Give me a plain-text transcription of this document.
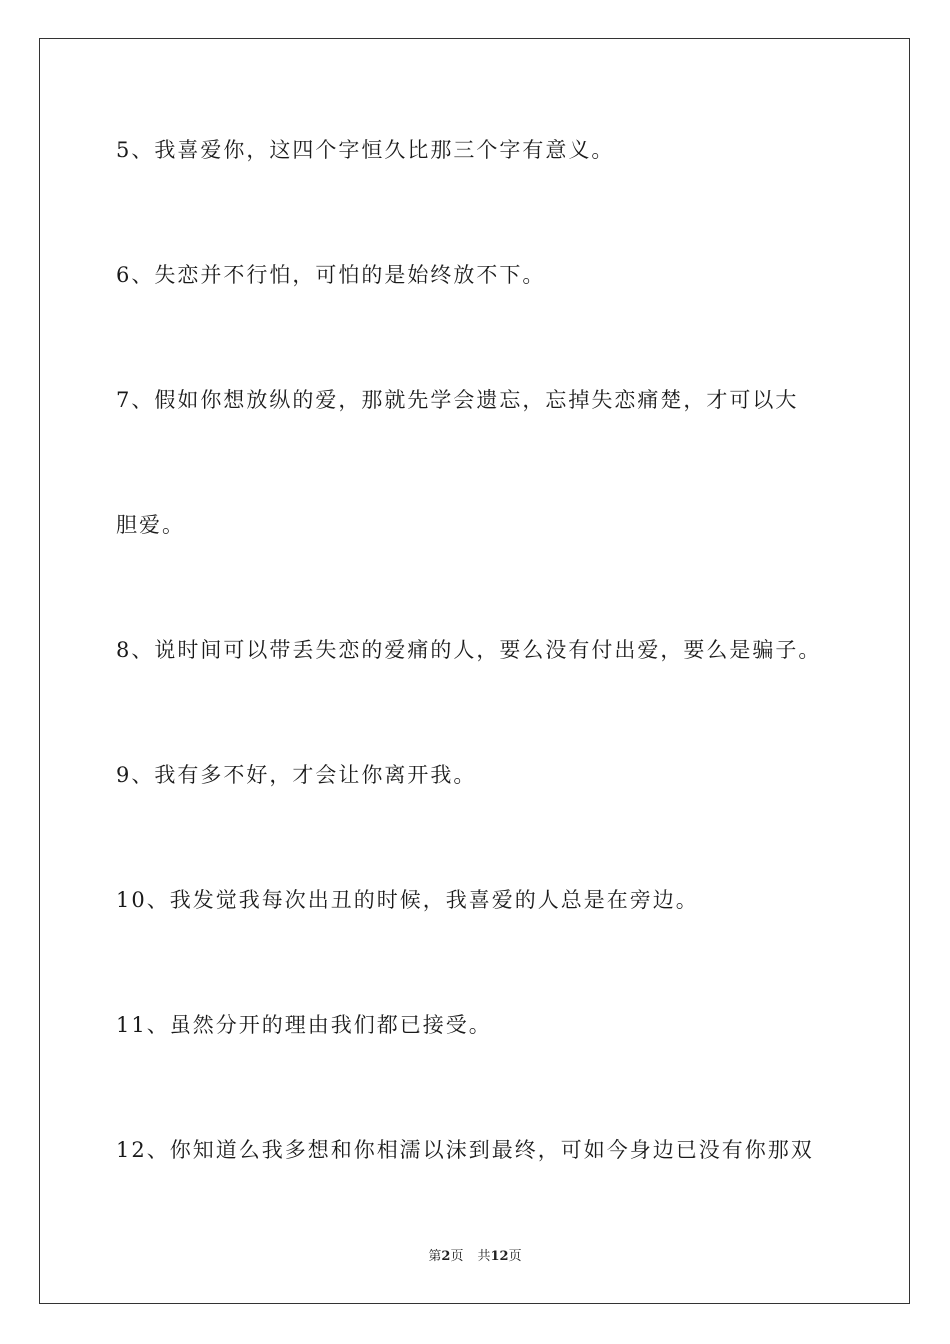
5、我喜爱你，这四个字恒久比那三个字有意义。
6、失恋并不行怕，可怕的是始终放不下。
7、假如你想放纵的爱，那就先学会遗忘，忘掉失恋痛楚，才可以大
胆爱。
8、说时间可以带丢失恋的爱痛的人，要么没有付出爱，要么是骗子。
9、我有多不好，才会让你离开我。
10、我发觉我每次出丑的时候，我喜爱的人总是在旁边。
11、虽然分开的理由我们都已接受。
12、你知道么我多想和你相濡以沫到最终，可如今身边已没有你那双
第2页 共12页
